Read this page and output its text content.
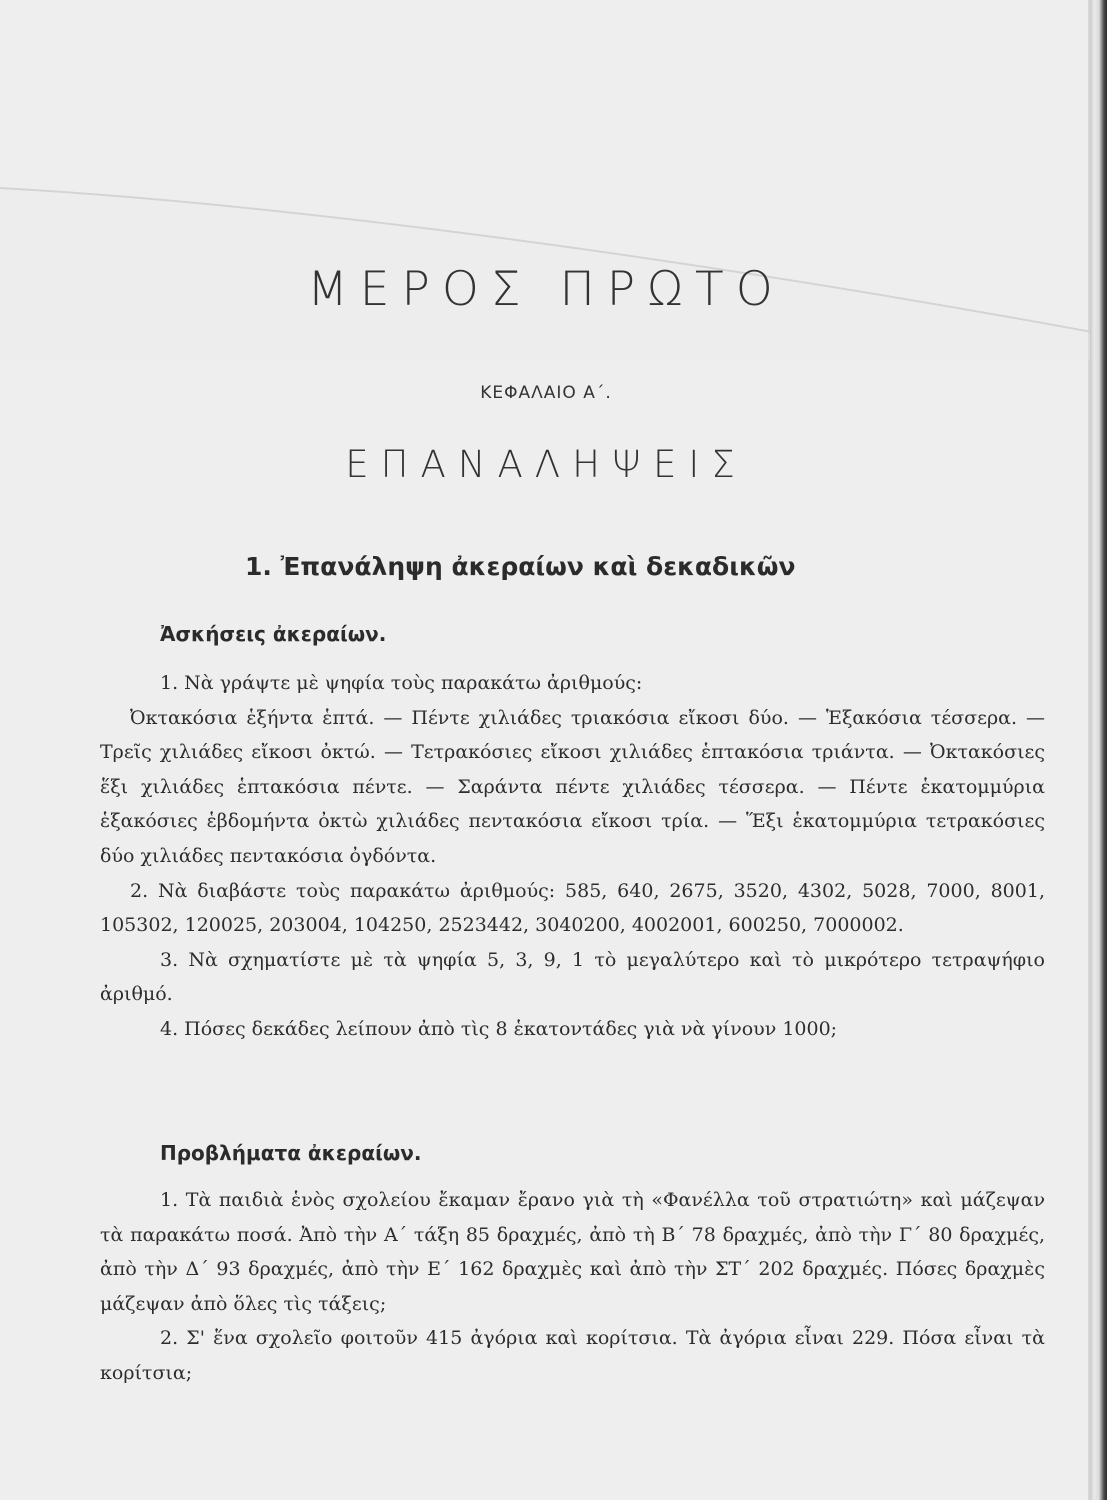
ΜΕΡΟΣ ΠΡΩΤΟ
ΚΕΦΑΛΑΙΟ Α΄.
ΕΠΑΝΑΛΗΨΕΙΣ
1. Ἐπανάληψη ἀκεραίων καὶ δεκαδικῶν
Ἀσκήσεις ἀκεραίων.

1. Νὰ γράψτε μὲ ψηφία τοὺς παρακάτω ἀριθμούς:

Ὀκτακόσια ἑξήντα ἑπτά. — Πέντε χιλιάδες τριακόσια εἴκοσι δύο. — Ἑξακόσια τέσσερα. — Τρεῖς χιλιάδες εἴκοσι ὀκτώ. — Τετρακόσιες εἴκοσι χιλιάδες ἑπτακόσια τριάντα. — Ὀκτακόσιες ἕξι χιλιάδες ἑπτακόσια πέντε. — Σαράντα πέντε χιλιάδες τέσσερα. — Πέντε ἑκατομμύρια ἑξακόσιες ἑβδομήντα ὀκτὼ χιλιάδες πεντακόσια εἴκοσι τρία. — Ἕξι ἑκατομμύρια τετρακόσιες δύο χιλιάδες πεντακόσια ὀγδόντα.

2. Νὰ διαβάστε τοὺς παρακάτω ἀριθμούς: 585, 640, 2675, 3520, 4302, 5028, 7000, 8001, 105302, 120025, 203004, 104250, 2523442, 3040200, 4002001, 600250, 7000002.

3. Νὰ σχηματίστε μὲ τὰ ψηφία 5, 3, 9, 1 τὸ μεγαλύτερο καὶ τὸ μικρότερο τετραψήφιο ἀριθμό.

4. Πόσες δεκάδες λείπουν ἀπὸ τὶς 8 ἑκατοντάδες γιὰ νὰ γίνουν 1000;

Προβλήματα ἀκεραίων.

1. Τὰ παιδιὰ ἑνὸς σχολείου ἔκαμαν ἔρανο γιὰ τὴ «Φανέλλα τοῦ στρατιώτη» καὶ μάζεψαν τὰ παρακάτω ποσά. Ἀπὸ τὴν Α΄ τάξη 85 δραχμές, ἀπὸ τὴ Β΄ 78 δραχμές, ἀπὸ τὴν Γ΄ 80 δραχμές, ἀπὸ τὴν Δ΄ 93 δραχμές, ἀπὸ τὴν Ε΄ 162 δραχμὲς καὶ ἀπὸ τὴν ΣΤ΄ 202 δραχμές. Πόσες δραχμὲς μάζεψαν ἀπὸ ὅλες τὶς τάξεις;

2. Σ' ἕνα σχολεῖο φοιτοῦν 415 ἀγόρια καὶ κορίτσια. Τὰ ἀγόρια εἶναι 229. Πόσα εἶναι τὰ κορίτσια;
